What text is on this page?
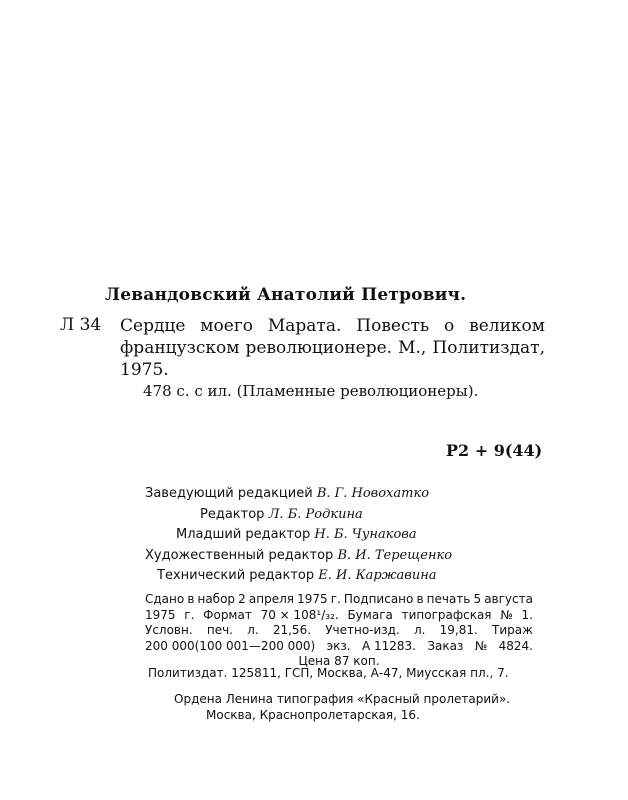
Левандовский Анатолий Петрович.
Л 34 Сердце моего Марата. Повесть о великом французском революционере. М., Политиздат, 1975.
478 с. с ил. (Пламенные революционеры).
Р2 + 9(44)
Заведующий редакцией В. Г. Новохатко
Редактор Л. Б. Родкина
Младший редактор Н. Б. Чунакова
Художественный редактор В. И. Терещенко
Технический редактор Е. И. Каржавина
Сдано в набор 2 апреля 1975 г. Подписано в печать 5 августа
1975 г. Формат 70 × 108¹/₃₂. Бумага типографская № 1.
Условн. печ. л. 21,56. Учетно-изд. л. 19,81. Тираж
200 000(100 001—200 000) экз. А 11283. Заказ № 4824.
Цена 87 коп.
Политиздат. 125811, ГСП, Москва, А-47, Миусская пл., 7.
Ордена Ленина типография «Красный пролетарий».
Москва, Краснопролетарская, 16.
